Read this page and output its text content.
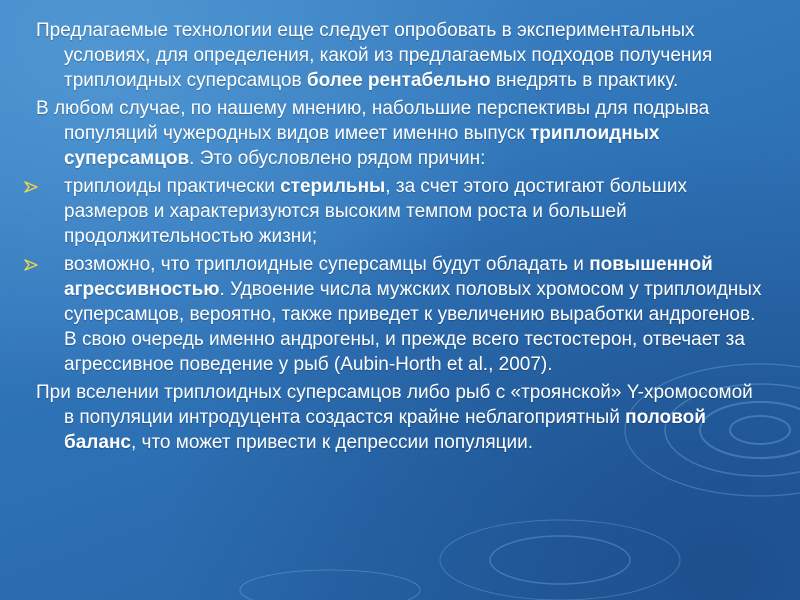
Предлагаемые технологии еще следует опробовать в экспериментальных условиях, для определения, какой из предлагаемых подходов получения триплоидных суперсамцов более рентабельно внедрять в практику.
В любом случае, по нашему мнению, набольшие перспективы для подрыва популяций чужеродных видов имеет именно выпуск триплоидных суперсамцов. Это обусловлено рядом причин:
триплоиды практически стерильны, за счет этого достигают больших размеров и характеризуются высоким темпом роста и большей продолжительностью жизни;
возможно, что триплоидные суперсамцы будут обладать и повышенной агрессивностью. Удвоение числа мужских половых хромосом у триплоидных суперсамцов, вероятно, также приведет к увеличению выработки андрогенов. В свою очередь именно андрогены, и прежде всего тестостерон, отвечает за агрессивное поведение у рыб (Aubin-Horth et al., 2007).
При вселении триплоидных суперсамцов либо рыб с «троянской» Y-хромосомой в популяции интродуцента создастся крайне неблагоприятный половой баланс, что может привести к депрессии популяции.
